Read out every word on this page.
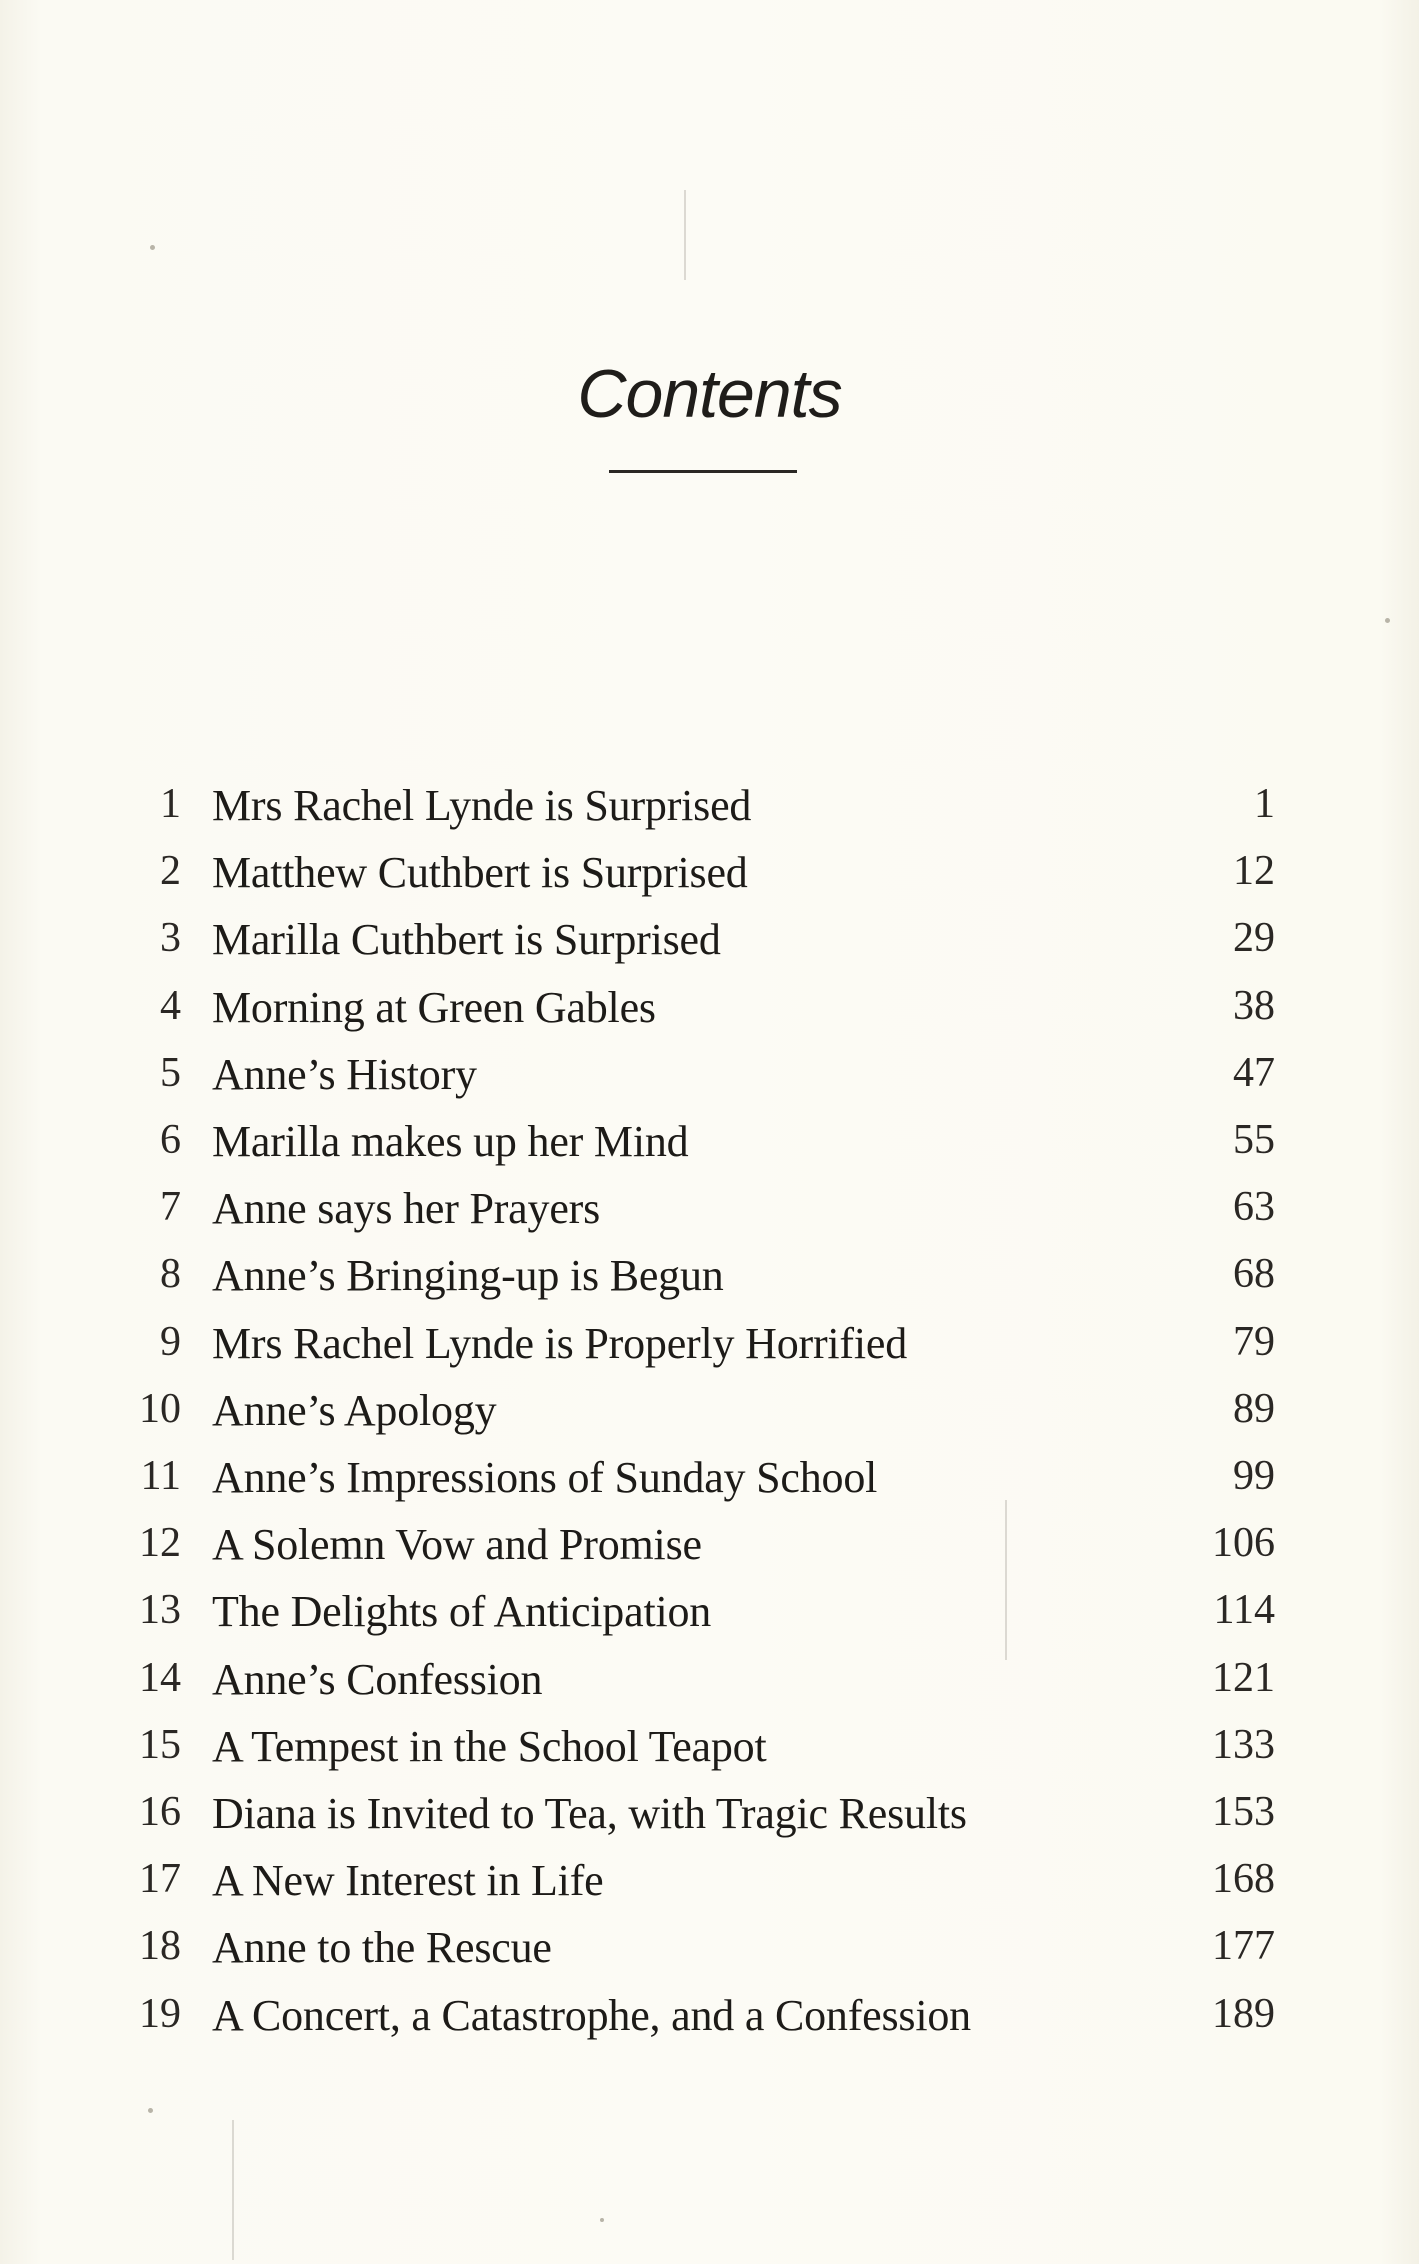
Contents
1 Mrs Rachel Lynde is Surprised	1
2 Matthew Cuthbert is Surprised	12
3 Marilla Cuthbert is Surprised	29
4 Morning at Green Gables	38
5 Anne’s History	47
6 Marilla makes up her Mind	55
7 Anne says her Prayers	63
8 Anne’s Bringing-up is Begun	68
9 Mrs Rachel Lynde is Properly Horrified	79
10 Anne’s Apology	89
11 Anne’s Impressions of Sunday School	99
12 A Solemn Vow and Promise	106
13 The Delights of Anticipation	114
14 Anne’s Confession	121
15 A Tempest in the School Teapot	133
16 Diana is Invited to Tea, with Tragic Results	153
17 A New Interest in Life	168
18 Anne to the Rescue	177
19 A Concert, a Catastrophe, and a Confession	189
